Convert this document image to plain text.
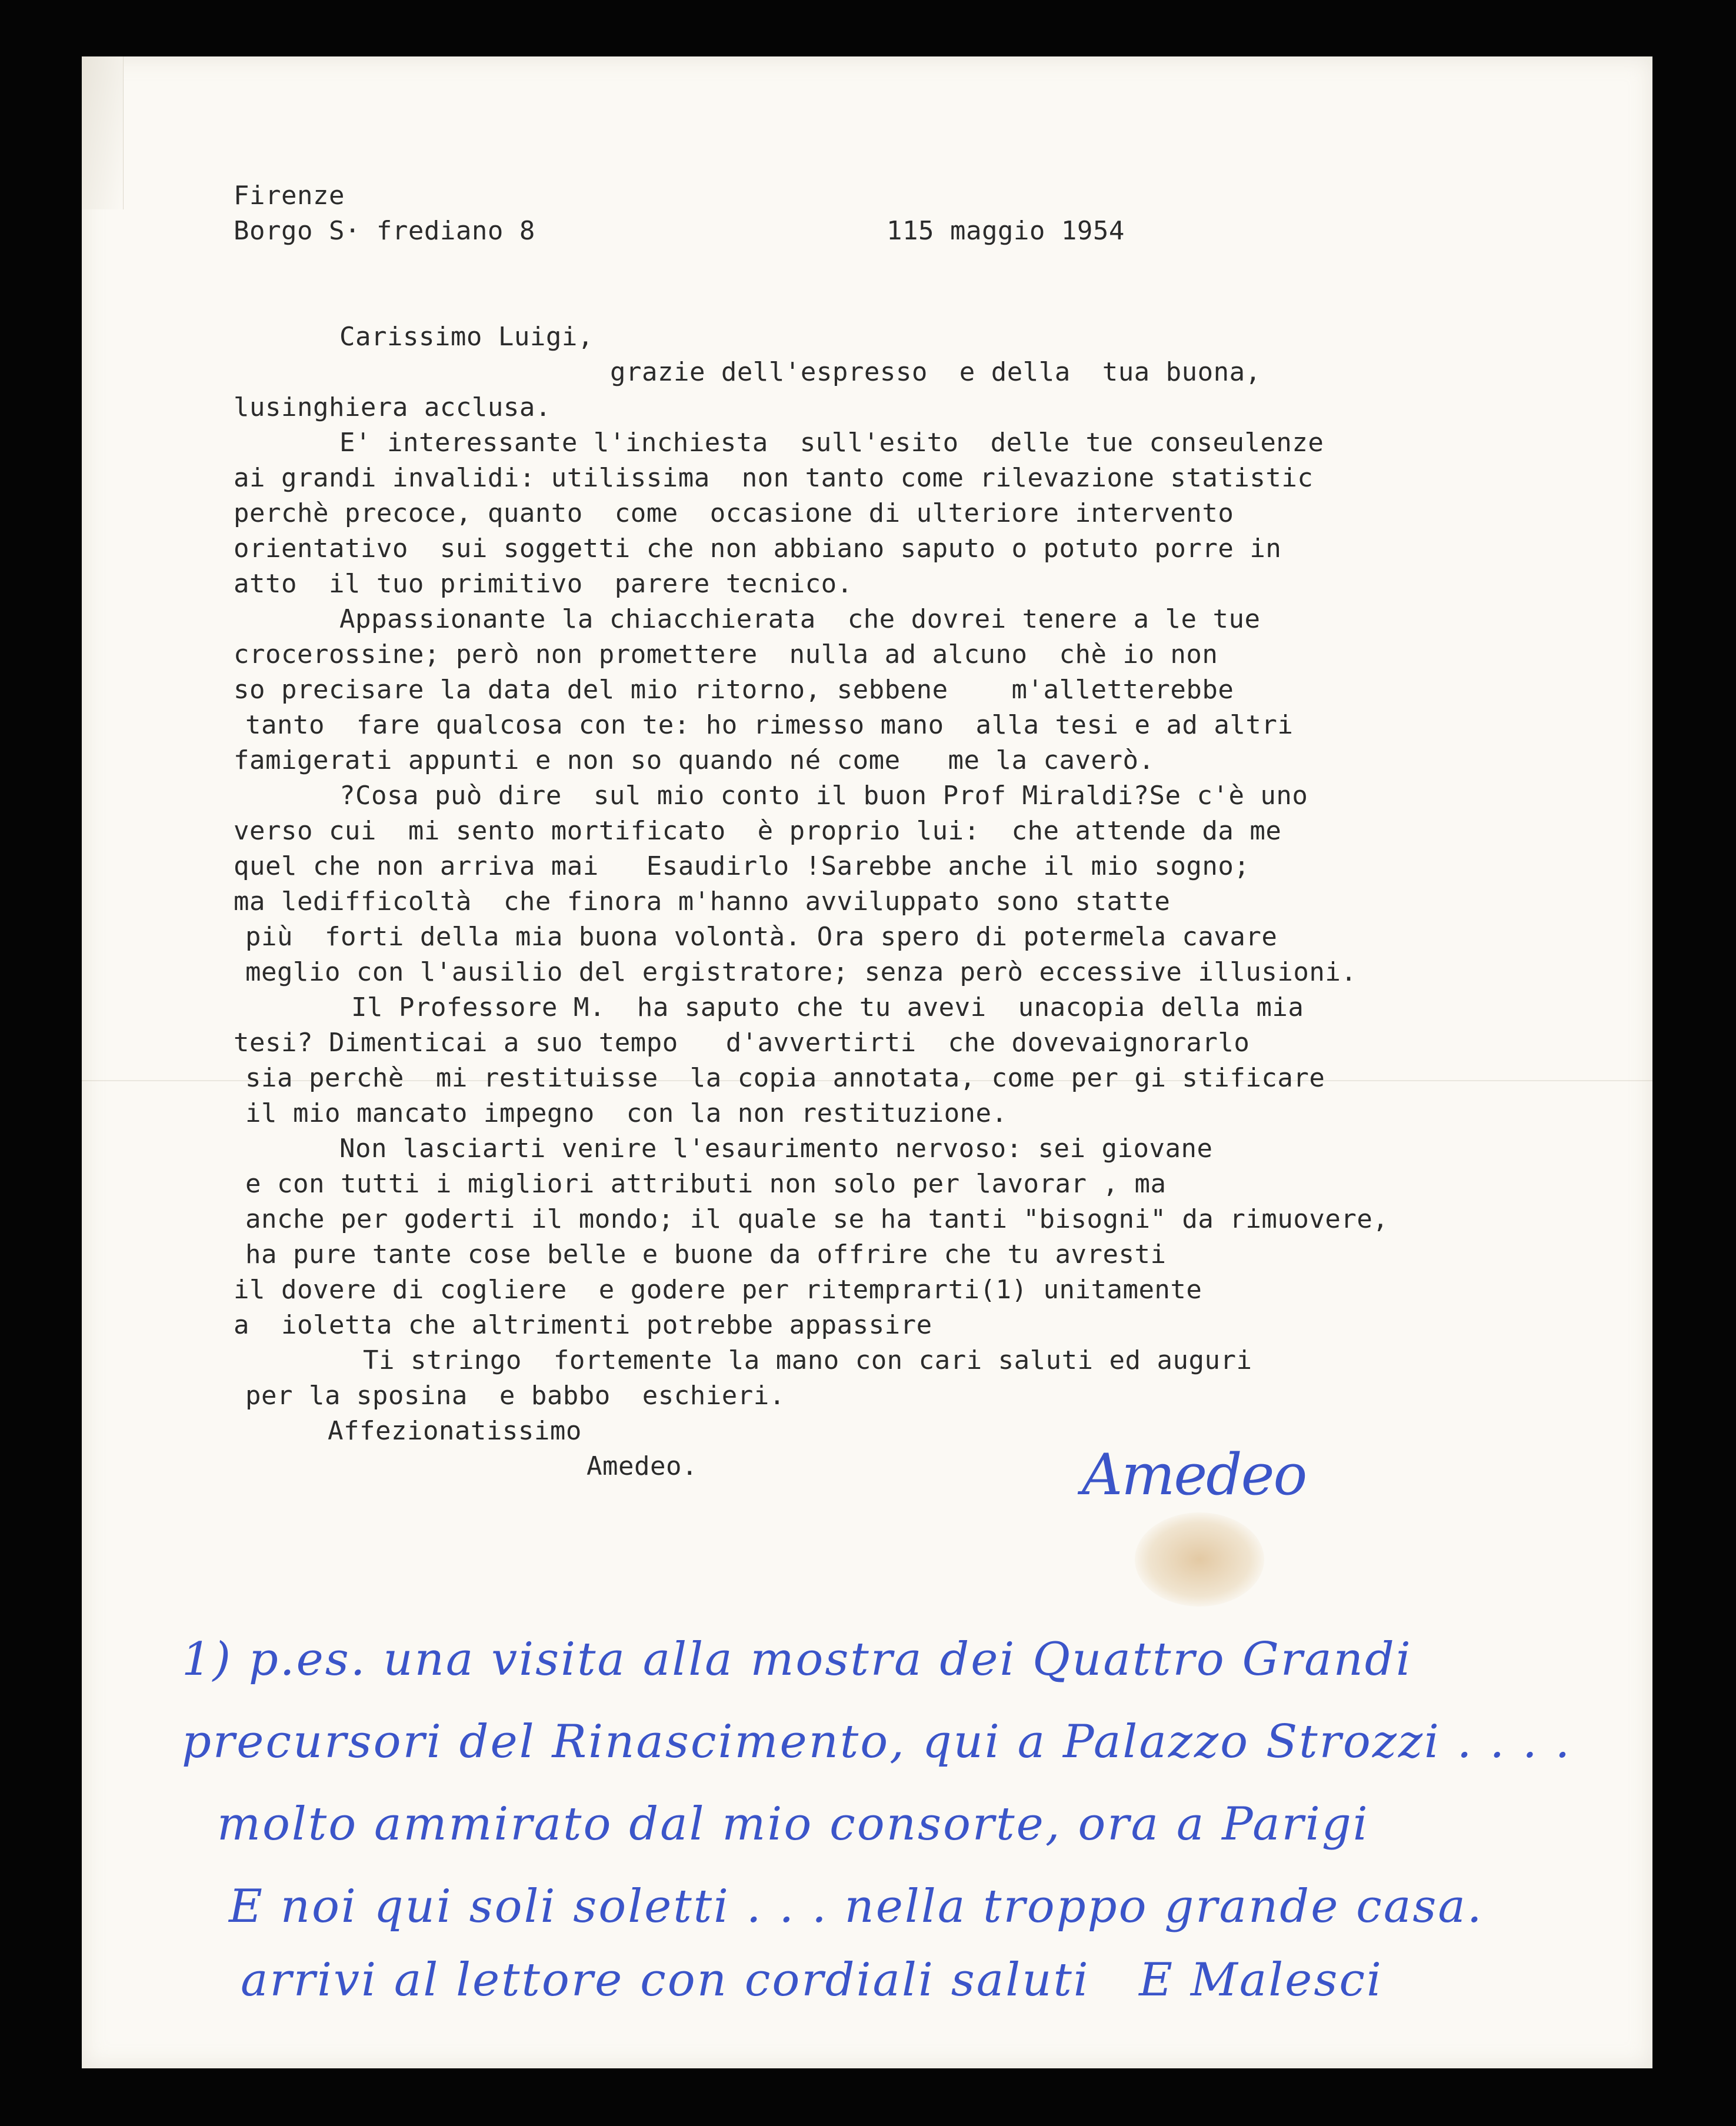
Firenze
Borgo S· frediano 8	115 maggio 1954
Carissimo Luigi,
grazie dell'espresso  e della  tua buona,
lusinghiera acclusa.
E' interessante l'inchiesta  sull'esito  delle tue conseulenze
ai grandi invalidi: utilissima  non tanto come rilevazione statistic
perchè precoce, quanto  come  occasione di ulteriore intervento
orientativo  sui soggetti che non abbiano saputo o potuto porre in
atto  il tuo primitivo  parere tecnico.
Appassionante la chiacchierata  che dovrei tenere a le tue
crocerossine; però non promettere  nulla ad alcuno  chè io non
so precisare la data del mio ritorno, sebbene    m'alletterebbe
tanto  fare qualcosa con te: ho rimesso mano  alla tesi e ad altri
famigerati appunti e non so quando né come   me la caverò.
?Cosa può dire  sul mio conto il buon Prof Miraldi?Se c'è uno
verso cui  mi sento mortificato  è proprio lui:  che attende da me
quel che non arriva mai   Esaudirlo !Sarebbe anche il mio sogno;
ma ledifficoltà  che finora m'hanno avviluppato sono statte
più  forti della mia buona volontà. Ora spero di potermela cavare
meglio con l'ausilio del ergistratore; senza però eccessive illusioni.
Il Professore M.  ha saputo che tu avevi  unacopia della mia
tesi? Dimenticai a suo tempo   d'avvertirti  che dovevaignorarlo
sia perchè  mi restituisse  la copia annotata, come per gi stificare
il mio mancato impegno  con la non restituzione.
Non lasciarti venire l'esaurimento nervoso: sei giovane
e con tutti i migliori attributi non solo per lavorar , ma
anche per goderti il mondo; il quale se ha tanti "bisogni" da rimuovere,
ha pure tante cose belle e buone da offrire che tu avresti
il dovere di cogliere  e godere per ritemprarti(1) unitamente
a  ioletta che altrimenti potrebbe appassire
Ti stringo  fortemente la mano con cari saluti ed auguri
per la sposina  e babbo  eschieri.
Affezionatissimo
Amedeo.	Amedeo
1) p.es. una visita alla mostra dei Quattro Grandi
precursori del Rinascimento, qui a Palazzo Strozzi . . . .
molto ammirato dal mio consorte, ora a Parigi
E noi qui soli soletti . . . nella troppo grande casa.
arrivi al lettore con cordiali saluti   E Malesci
